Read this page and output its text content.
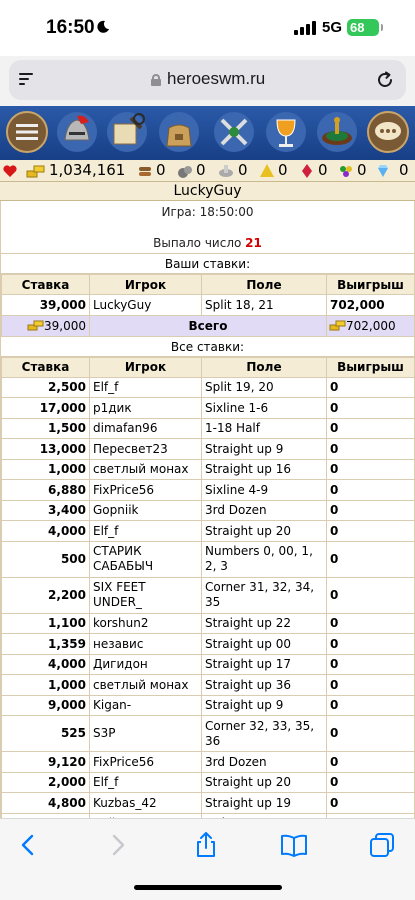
16:50	5G 68
heroeswm.ru
1,034,161 0 0 0 0 0 0 0
LuckyGuy
Игра: 18:50:00
Выпало число 21
Ваши ставки:
Ставка	Игрок	Поле	Выигрыш
39,000	LuckyGuy	Split 18, 21	702,000
39,000	Всего		702,000
Все ставки:
Ставка	Игрок	Поле	Выигрыш
2,500	Elf_f	Split 19, 20	0
17,000	p1дик	Sixline 1-6	0
1,500	dimafan96	1-18 Half	0
13,000	Пересвет23	Straight up 9	0
1,000	светлый монах	Straight up 16	0
6,880	FixPrice56	Sixline 4-9	0
3,400	Gopniik	3rd Dozen	0
4,000	Elf_f	Straight up 20	0
500	СТАРИК САБАБЫЧ	Numbers 0, 00, 1, 2, 3	0
2,200	SIX FEET UNDER_	Corner 31, 32, 34, 35	0
1,100	korshun2	Straight up 22	0
1,359	независ	Straight up 00	0
4,000	Дигидон	Straight up 17	0
1,000	светлый монах	Straight up 36	0
9,000	Kigan-	Straight up 9	0
525	S3P	Corner 32, 33, 35, 36	0
9,120	FixPrice56	3rd Dozen	0
2,000	Elf_f	Straight up 20	0
4,800	Kuzbas_42	Straight up 19	0
